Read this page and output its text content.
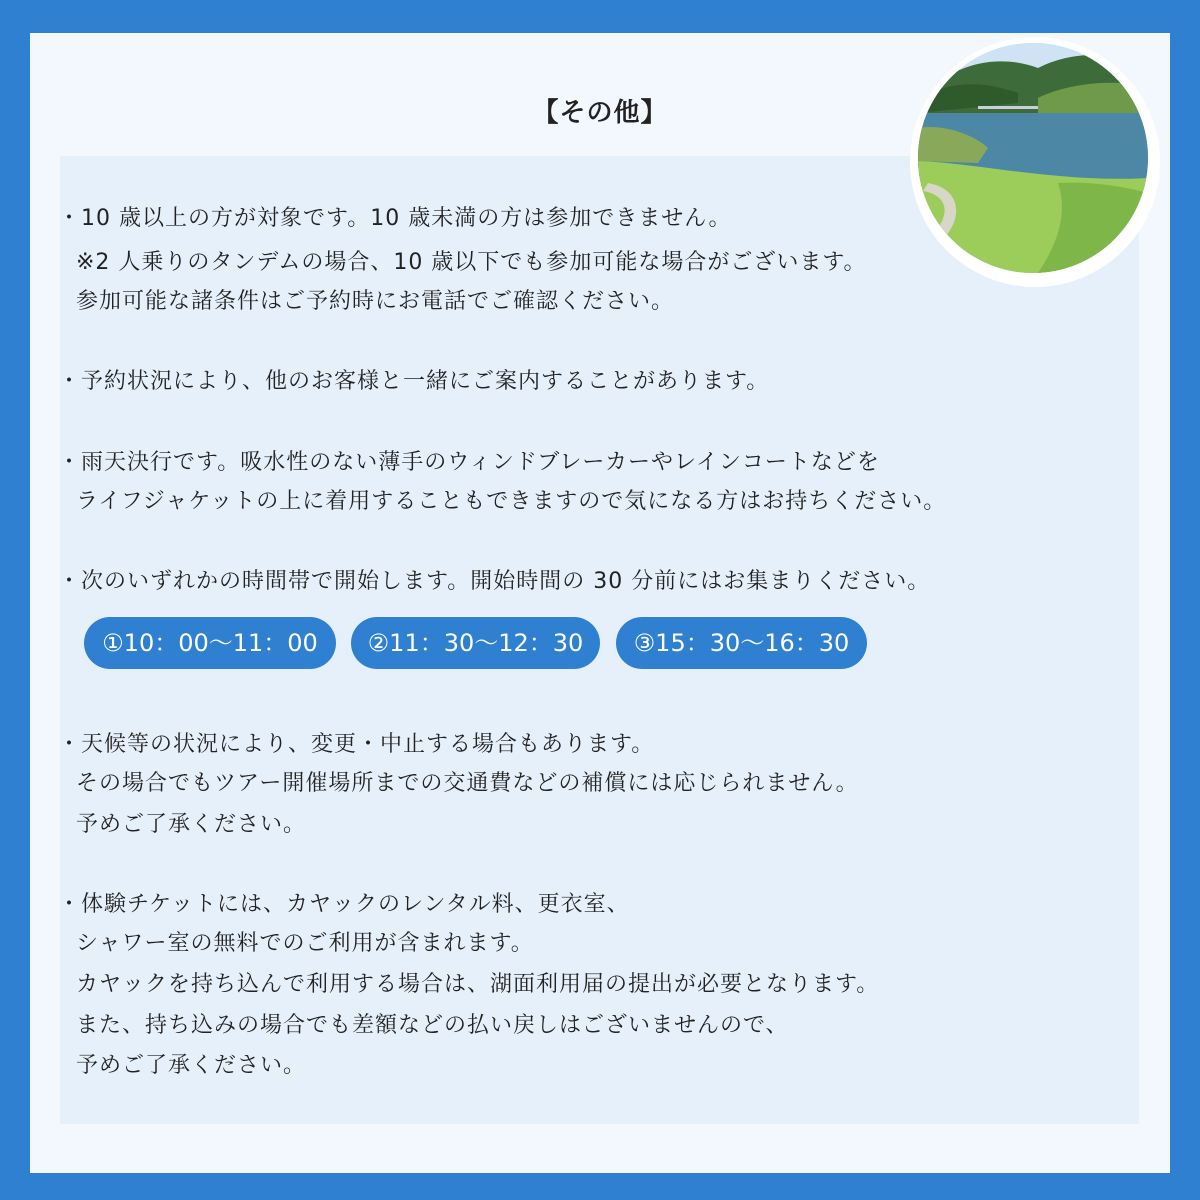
【その他】
・10 歳以上の方が対象です。10 歳未満の方は参加できません。
※2 人乗りのタンデムの場合、10 歳以下でも参加可能な場合がございます。
参加可能な諸条件はご予約時にお電話でご確認ください。
・予約状況により、他のお客様と一緒にご案内することがあります。
・雨天決行です。吸水性のない薄手のウィンドブレーカーやレインコートなどを
ライフジャケットの上に着用することもできますので気になる方はお持ちください。
・次のいずれかの時間帯で開始します。開始時間の 30 分前にはお集まりください。
①10：00〜11：00	②11：30〜12：30	③15：30〜16：30
・天候等の状況により、変更・中止する場合もあります。
その場合でもツアー開催場所までの交通費などの補償には応じられません。
予めご了承ください。
・体験チケットには、カヤックのレンタル料、更衣室、
シャワー室の無料でのご利用が含まれます。
カヤックを持ち込んで利用する場合は、湖面利用届の提出が必要となります。
また、持ち込みの場合でも差額などの払い戻しはございませんので、
予めご了承ください。
